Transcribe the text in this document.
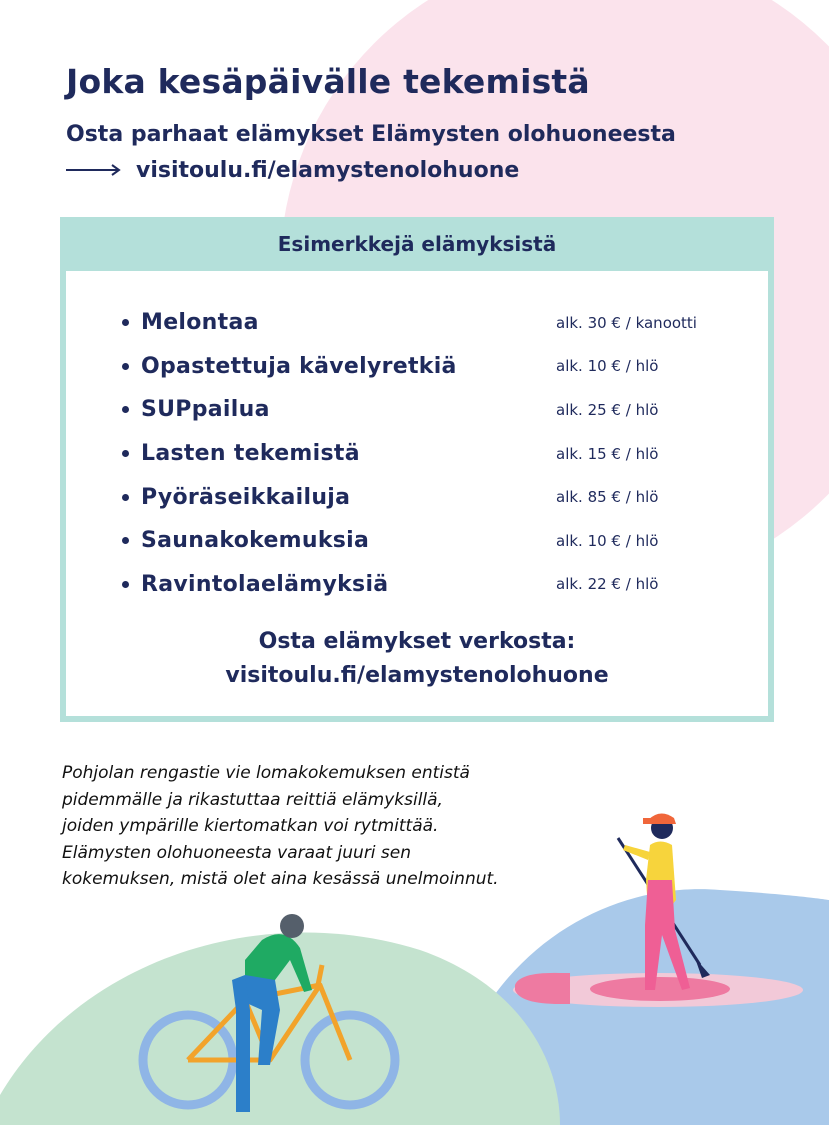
Joka kesäpäivälle tekemistä

Osta parhaat elämykset Elämysten olohuoneesta

visitoulu.fi/elamystenolohuone
Esimerkkejä elämyksistä
Melontaa	alk. 30 € / kanootti
Opastettuja kävelyretkiä	alk. 10 € / hlö
SUPpailua	alk. 25 € / hlö
Lasten tekemistä	alk. 15 € / hlö
Pyöräseikkailuja	alk. 85 € / hlö
Saunakokemuksia	alk. 10 € / hlö
Ravintolaelämyksiä	alk. 22 € / hlö
Osta elämykset verkosta:
visitoulu.fi/elamystenolohuone

Pohjolan rengastie vie lomakokemuksen entistä
pidemmälle ja rikastuttaa reittiä elämyksillä,
joiden ympärille kiertomatkan voi rytmittää.
Elämysten olohuoneesta varaat juuri sen
kokemuksen, mistä olet aina kesässä unelmoinnut.
